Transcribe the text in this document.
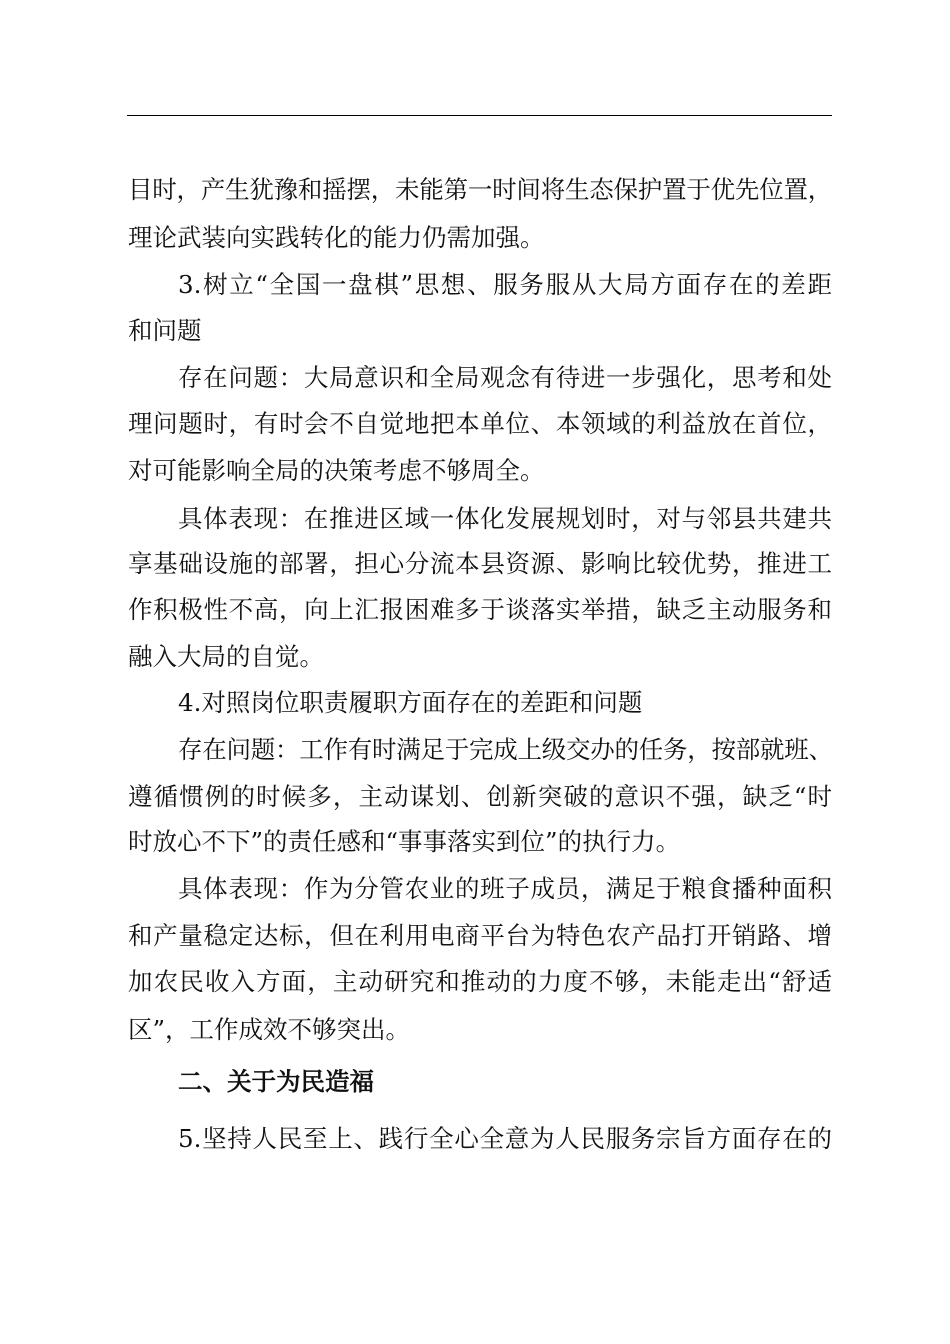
目时，产生犹豫和摇摆，未能第一时间将生态保护置于优先位置，
理论武装向实践转化的能力仍需加强。
3.树立“全国一盘棋”思想、服务服从大局方面存在的差距
和问题
存在问题：大局意识和全局观念有待进一步强化，思考和处
理问题时，有时会不自觉地把本单位、本领域的利益放在首位，
对可能影响全局的决策考虑不够周全。
具体表现：在推进区域一体化发展规划时，对与邻县共建共
享基础设施的部署，担心分流本县资源、影响比较优势，推进工
作积极性不高，向上汇报困难多于谈落实举措，缺乏主动服务和
融入大局的自觉。
4.对照岗位职责履职方面存在的差距和问题
存在问题：工作有时满足于完成上级交办的任务，按部就班、
遵循惯例的时候多，主动谋划、创新突破的意识不强，缺乏“时
时放心不下”的责任感和“事事落实到位”的执行力。
具体表现：作为分管农业的班子成员，满足于粮食播种面积
和产量稳定达标，但在利用电商平台为特色农产品打开销路、增
加农民收入方面，主动研究和推动的力度不够，未能走出“舒适
区”，工作成效不够突出。
二、关于为民造福
5.坚持人民至上、践行全心全意为人民服务宗旨方面存在的
